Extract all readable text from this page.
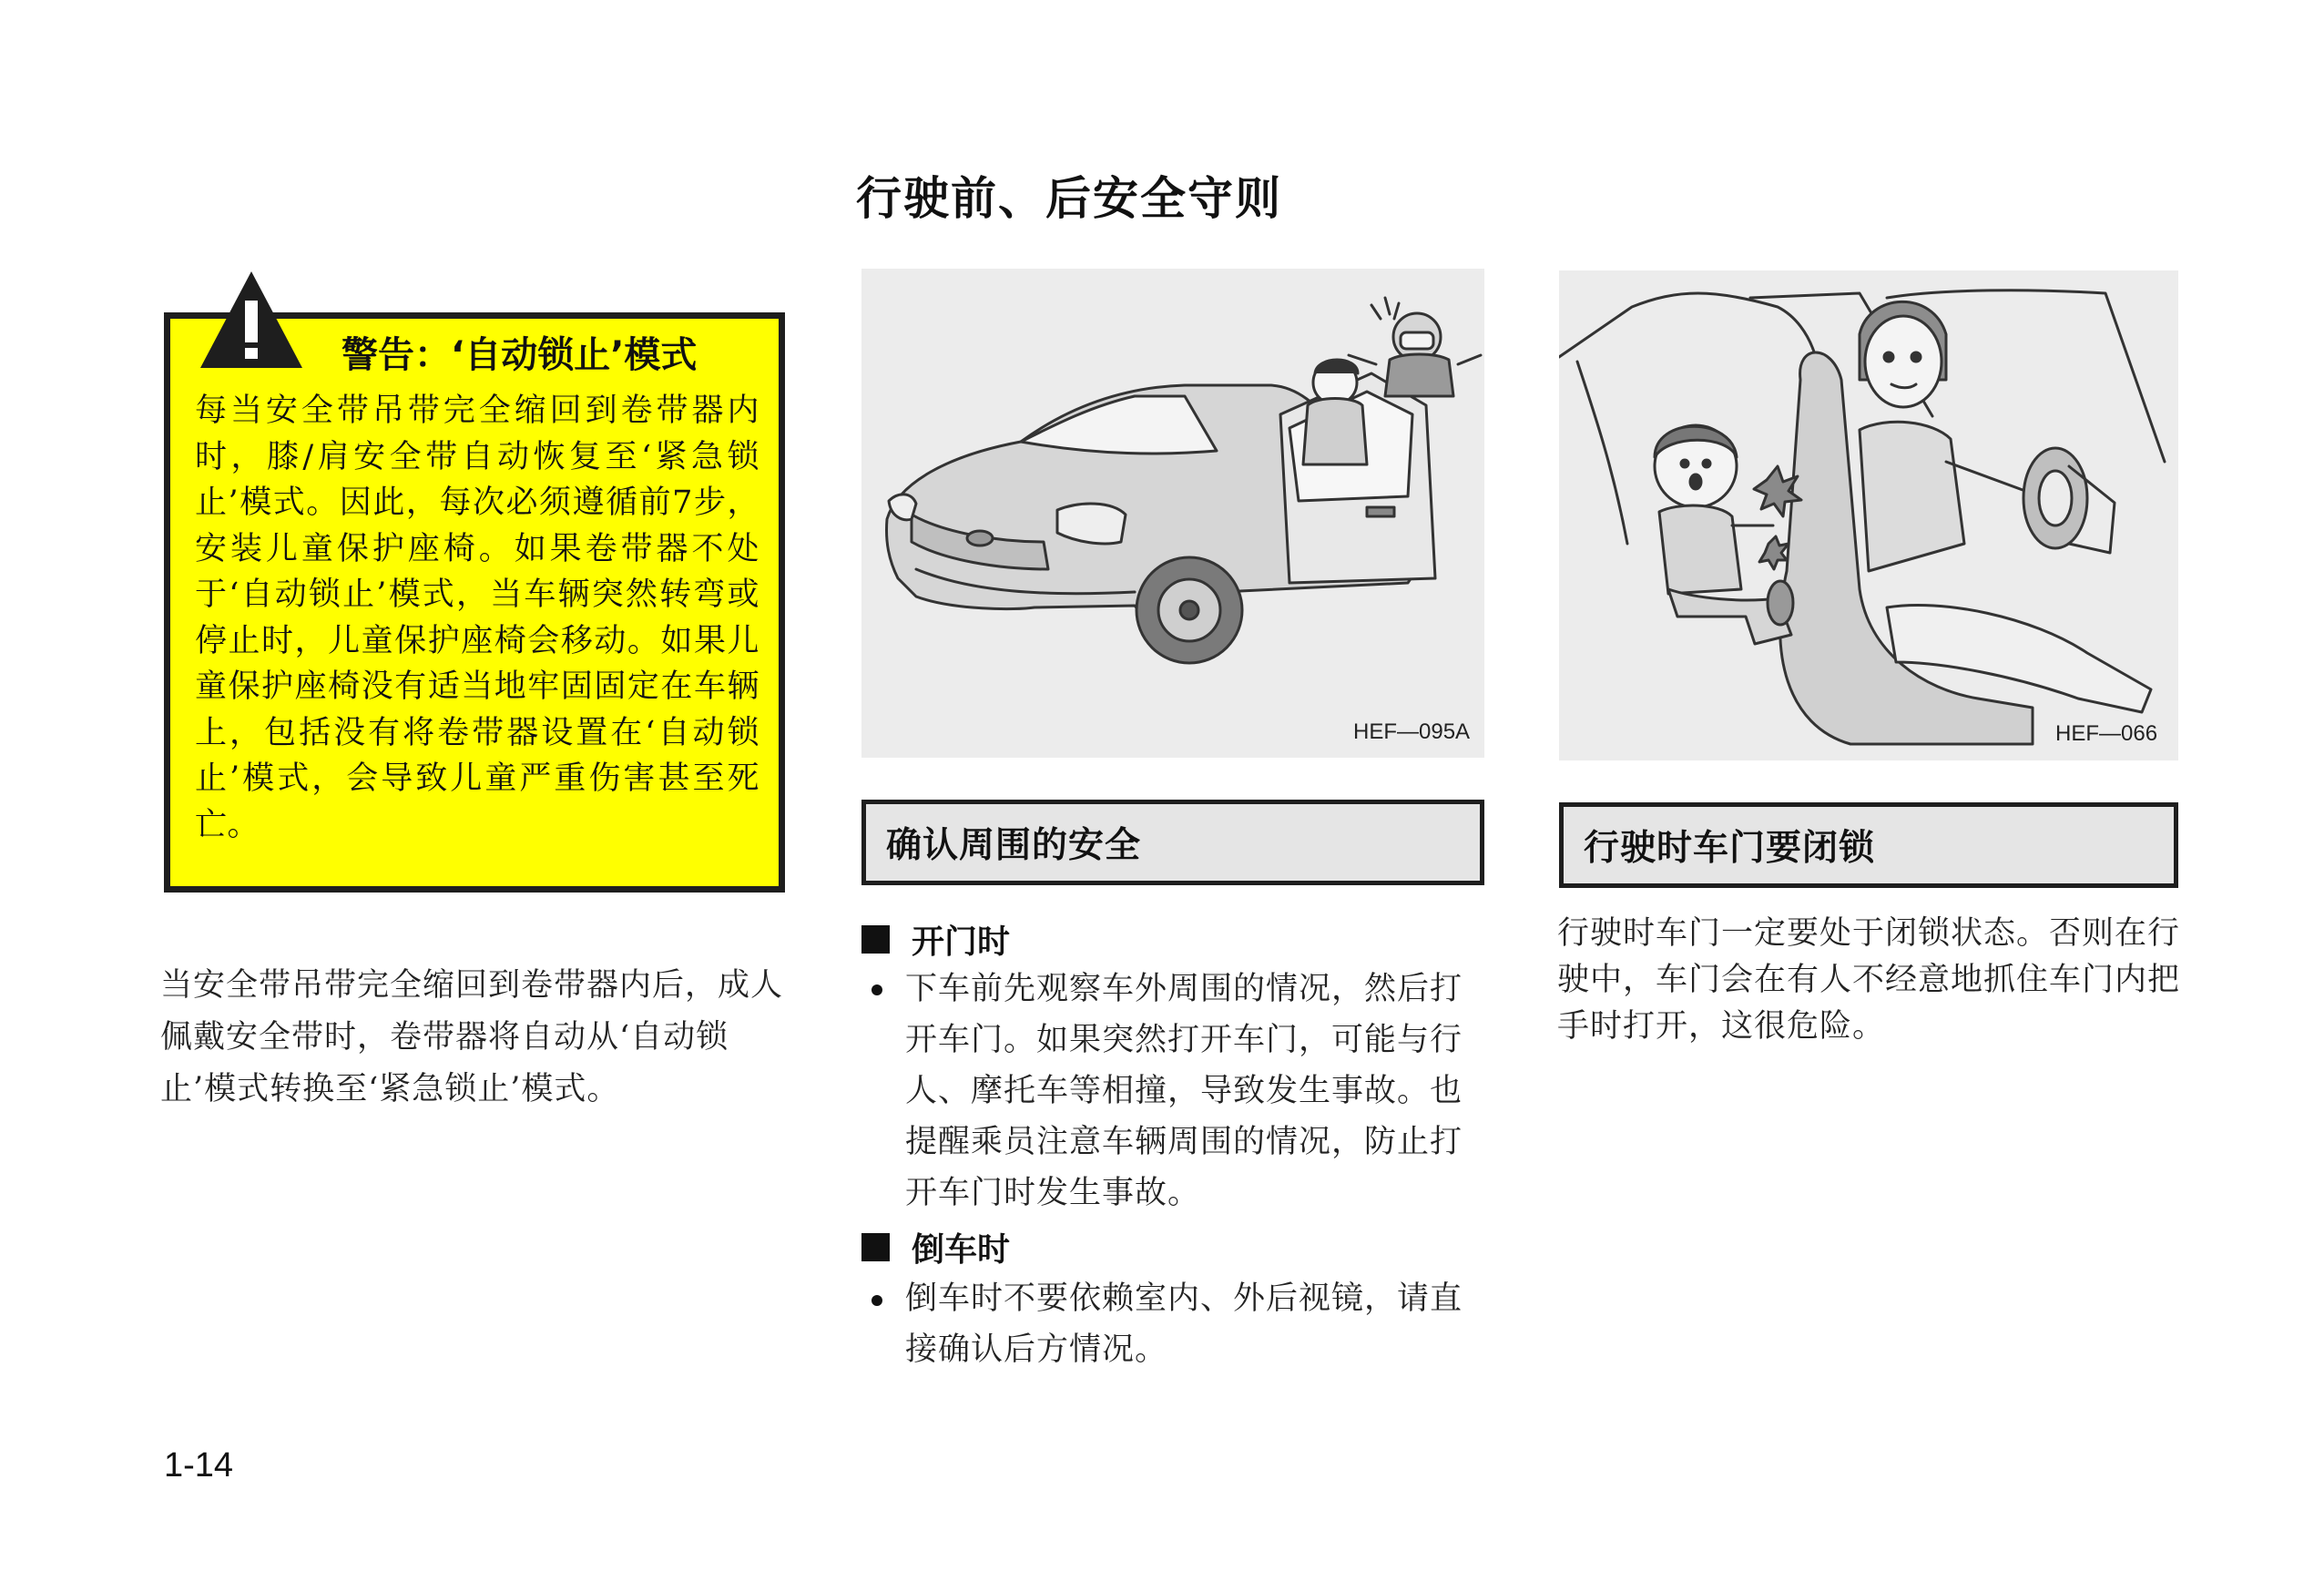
行驶前、后安全守则
警告：‘自动锁止’模式
每当安全带吊带完全缩回到卷带器内时，膝/肩安全带自动恢复至‘紧急锁止’模式。因此，每次必须遵循前7步，安装儿童保护座椅。如果卷带器不处于‘自动锁止’模式，当车辆突然转弯或停止时，儿童保护座椅会移动。如果儿童保护座椅没有适当地牢固固定在车辆上，包括没有将卷带器设置在‘自动锁止’模式，会导致儿童严重伤害甚至死亡。
当安全带吊带完全缩回到卷带器内后，成人佩戴安全带时，卷带器将自动从‘自动锁止’模式转换至‘紧急锁止’模式。
HEF—095A	HEF—066
确认周围的安全	行驶时车门要闭锁
开门时
下车前先观察车外周围的情况，然后打开车门。如果突然打开车门，可能与行人、摩托车等相撞，导致发生事故。也提醒乘员注意车辆周围的情况，防止打开车门时发生事故。
倒车时
倒车时不要依赖室内、外后视镜，请直接确认后方情况。
行驶时车门一定要处于闭锁状态。否则在行驶中，车门会在有人不经意地抓住车门内把手时打开，这很危险。
1-14
